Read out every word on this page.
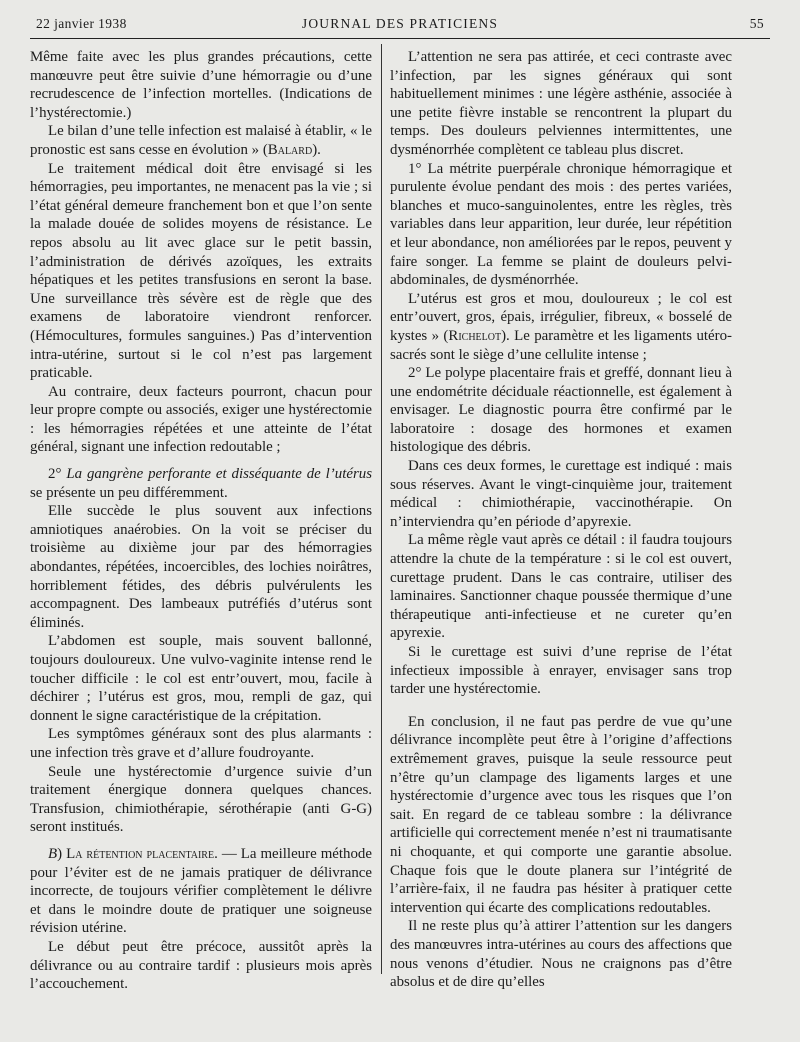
22 janvier 1938	JOURNAL DES PRATICIENS	55

Même faite avec les plus grandes précautions, cette manœuvre peut être suivie d’une hémorragie ou d’une recrudescence de l’infection mortelles. (Indications de l’hystérectomie.)

Le bilan d’une telle infection est malaisé à établir, « le pronostic est sans cesse en évolution » (Balard).

Le traitement médical doit être envisagé si les hémorragies, peu importantes, ne menacent pas la vie ; si l’état général demeure franchement bon et que l’on sente la malade douée de solides moyens de résistance. Le repos absolu au lit avec glace sur le petit bassin, l’administration de dérivés azoïques, les extraits hépatiques et les petites transfusions en seront la base. Une surveillance très sévère est de règle que des examens de laboratoire viendront renforcer. (Hémocultures, formules sanguines.) Pas d’intervention intra-utérine, surtout si le col n’est pas largement praticable.

Au contraire, deux facteurs pourront, chacun pour leur propre compte ou associés, exiger une hystérectomie : les hémorragies répétées et une atteinte de l’état général, signant une infection redoutable ;

2° La gangrène perforante et disséquante de l’utérus se présente un peu différemment.

Elle succède le plus souvent aux infections amniotiques anaérobies. On la voit se préciser du troisième au dixième jour par des hémorragies abondantes, répétées, incoercibles, des lochies noirâtres, horriblement fétides, des débris pulvérulents les accompagnent. Des lambeaux putréfiés d’utérus sont éliminés.

L’abdomen est souple, mais souvent ballonné, toujours douloureux. Une vulvo-vaginite intense rend le toucher difficile : le col est entr’ouvert, mou, facile à déchirer ; l’utérus est gros, mou, rempli de gaz, qui donnent le signe caractéristique de la crépitation.

Les symptômes généraux sont des plus alarmants : une infection très grave et d’allure foudroyante.

Seule une hystérectomie d’urgence suivie d’un traitement énergique donnera quelques chances. Transfusion, chimiothérapie, sérothérapie (anti G-G) seront institués.

B) La rétention placentaire. — La meilleure méthode pour l’éviter est de ne jamais pratiquer de délivrance incorrecte, de toujours vérifier complètement le délivre et dans le moindre doute de pratiquer une soigneuse révision utérine.

Le début peut être précoce, aussitôt après la délivrance ou au contraire tardif : plusieurs mois après l’accouchement.

L’attention ne sera pas attirée, et ceci contraste avec l’infection, par les signes généraux qui sont habituellement minimes : une légère asthénie, associée à une petite fièvre instable se rencontrent la plupart du temps. Des douleurs pelviennes intermittentes, une dysménorrhée complètent ce tableau plus discret.

1° La métrite puerpérale chronique hémorragique et purulente évolue pendant des mois : des pertes variées, blanches et muco-sanguinolentes, entre les règles, très variables dans leur apparition, leur durée, leur répétition et leur abondance, non améliorées par le repos, peuvent y faire songer. La femme se plaint de douleurs pelvi-abdominales, de dysménorrhée.

L’utérus est gros et mou, douloureux ; le col est entr’ouvert, gros, épais, irrégulier, fibreux, « bosselé de kystes » (Richelot). Le paramètre et les ligaments utéro-sacrés sont le siège d’une cellulite intense ;

2° Le polype placentaire frais et greffé, donnant lieu à une endométrite déciduale réactionnelle, est également à envisager. Le diagnostic pourra être confirmé par le laboratoire : dosage des hormones et examen histologique des débris.

Dans ces deux formes, le curettage est indiqué : mais sous réserves. Avant le vingt-cinquième jour, traitement médical : chimiothérapie, vaccinothérapie. On n’interviendra qu’en période d’apyrexie.

La même règle vaut après ce détail : il faudra toujours attendre la chute de la température : si le col est ouvert, curettage prudent. Dans le cas contraire, utiliser des laminaires. Sanctionner chaque poussée thermique d’une thérapeutique anti-infectieuse et ne cureter qu’en apyrexie.

Si le curettage est suivi d’une reprise de l’état infectieux impossible à enrayer, envisager sans trop tarder une hystérectomie.

En conclusion, il ne faut pas perdre de vue qu’une délivrance incomplète peut être à l’origine d’affections extrêmement graves, puisque la seule ressource peut n’être qu’un clampage des ligaments larges et une hystérectomie d’urgence avec tous les risques que l’on sait. En regard de ce tableau sombre : la délivrance artificielle qui correctement menée n’est ni traumatisante ni choquante, et qui comporte une garantie absolue. Chaque fois que le doute planera sur l’intégrité de l’arrière-faix, il ne faudra pas hésiter à pratiquer cette intervention qui écarte des complications redoutables.

Il ne reste plus qu’à attirer l’attention sur les dangers des manœuvres intra-utérines au cours des affections que nous venons d’étudier. Nous ne craignons pas d’être absolus et de dire qu’elles
